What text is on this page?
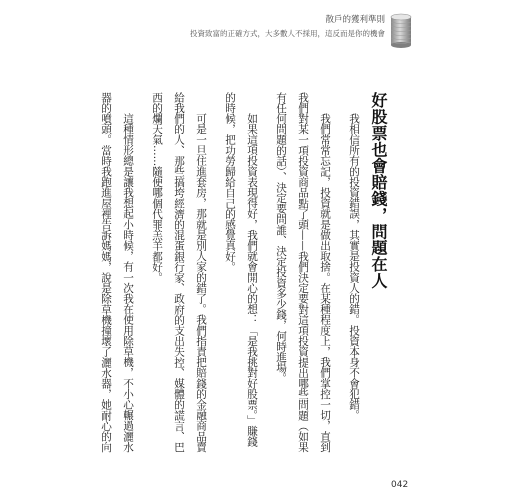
散戶的獲利準則
投資致富的正確方式，大多數人不採用，這反而是你的機會
好股票也會賠錢，問題在人
我相信所有的投資錯誤，其實是投資人的錯。投資本身不會犯錯。
我們常常忘記，投資就是做出取捨。在某種程度上，我們掌控一切，直到
我們對某一項投資商品點了頭——我們決定要對這項投資提出哪些問題（如果
有任何問題的話）、決定要問誰、決定投資多少錢，何時進場。
如果這項投資表現得好，我們就會開心的想：「是我挑對好股票。」賺錢
的時候，把功勞歸給自己的感覺真好。
可是一旦住進套房，那就是別人家的錯了。我們指責把賠錢的金融商品賣
給我們的人、那些搞垮經濟的混蛋銀行家、政府的支出失控、媒體的謊言、巴
西的爛天氣……隨便哪個代罪羔羊都好。
這種情形總是讓我想起小時候，有一次我在使用除草機，不小心輾過灑水
器的噴頭。當時我跑進屋裡告訴媽媽，說是除草機撞壞了灑水器，她耐心的向
042
